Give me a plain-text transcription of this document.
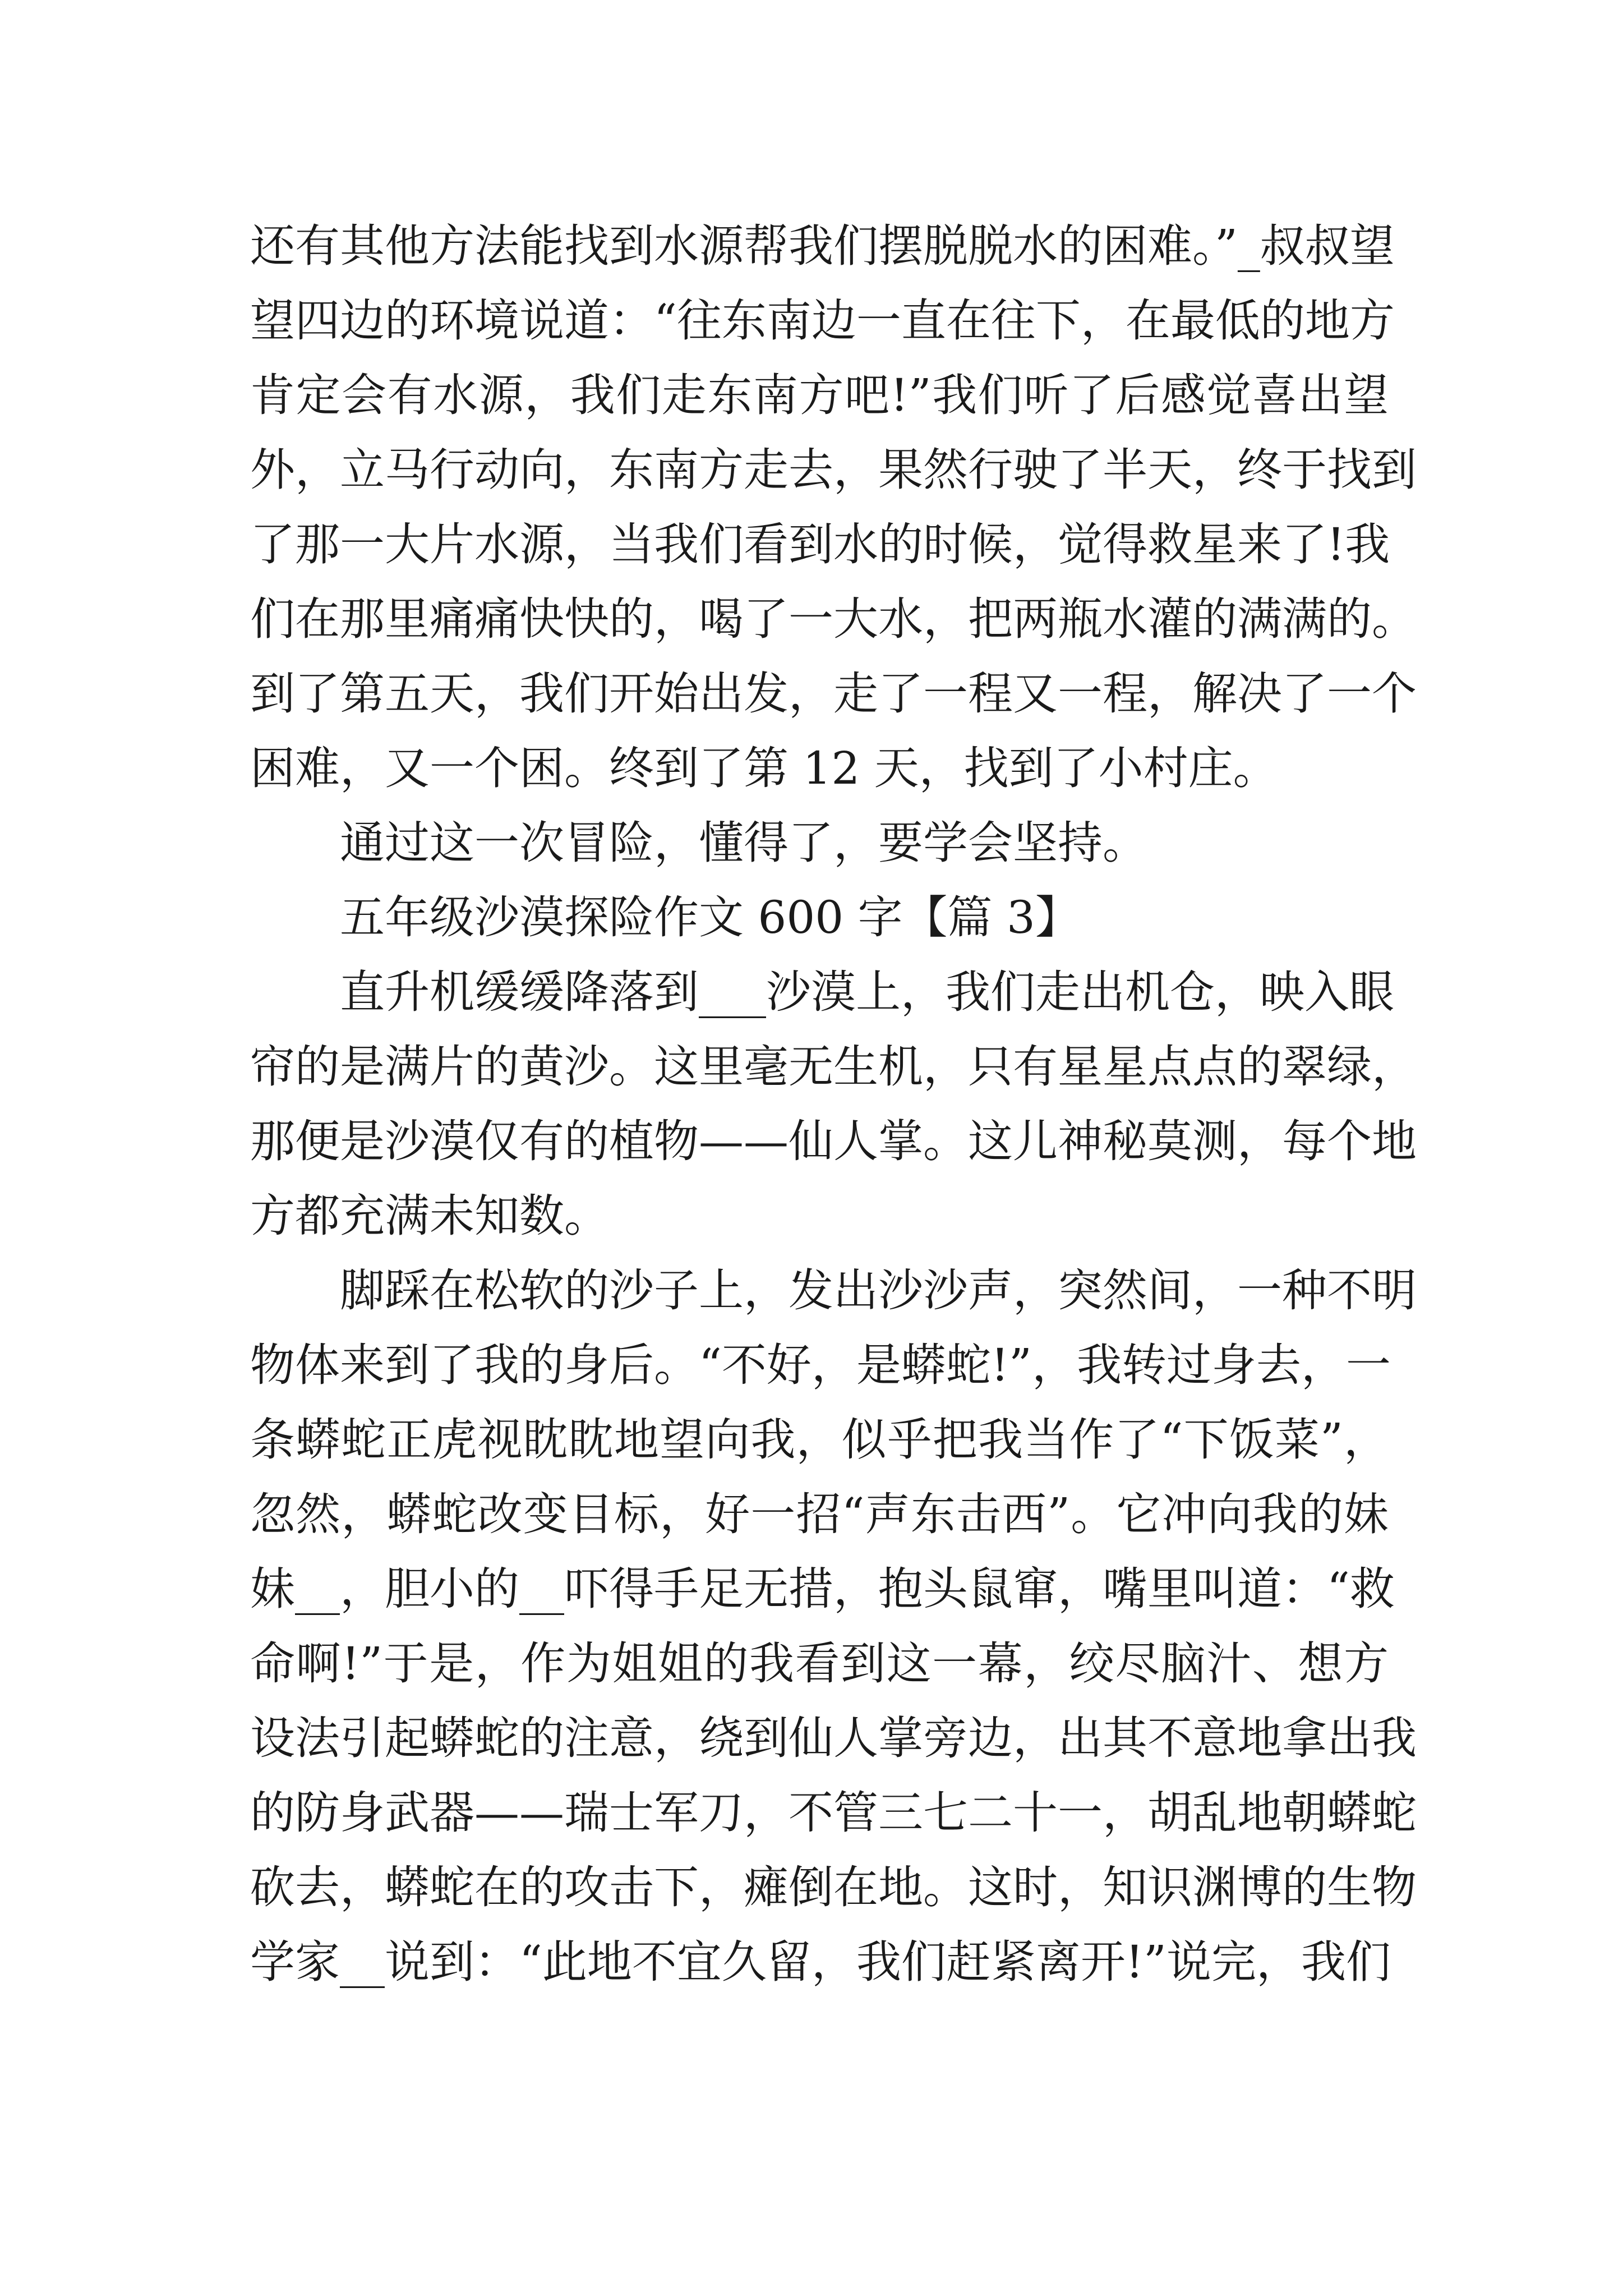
还有其他方法能找到水源帮我们摆脱脱水的困难。”_叔叔望
望四边的环境说道：“往东南边一直在往下，在最低的地方
肯定会有水源，我们走东南方吧!”我们听了后感觉喜出望
外，立马行动向，东南方走去，果然行驶了半天，终于找到
了那一大片水源，当我们看到水的时候，觉得救星来了!我
们在那里痛痛快快的，喝了一大水，把两瓶水灌的满满的。
到了第五天，我们开始出发，走了一程又一程，解决了一个
困难，又一个困。终到了第 12 天，找到了小村庄。
通过这一次冒险，懂得了，要学会坚持。
五年级沙漠探险作文 600 字【篇 3】
直升机缓缓降落到___沙漠上，我们走出机仓，映入眼
帘的是满片的黄沙。这里毫无生机，只有星星点点的翠绿，
那便是沙漠仅有的植物——仙人掌。这儿神秘莫测，每个地
方都充满未知数。
脚踩在松软的沙子上，发出沙沙声，突然间，一种不明
物体来到了我的身后。“不好，是蟒蛇!”，我转过身去，一
条蟒蛇正虎视眈眈地望向我，似乎把我当作了“下饭菜”，
忽然，蟒蛇改变目标，好一招“声东击西”。它冲向我的妹
妹__，胆小的__吓得手足无措，抱头鼠窜，嘴里叫道：“救
命啊!”于是，作为姐姐的我看到这一幕，绞尽脑汁、想方
设法引起蟒蛇的注意，绕到仙人掌旁边，出其不意地拿出我
的防身武器——瑞士军刀，不管三七二十一，胡乱地朝蟒蛇
砍去，蟒蛇在的攻击下，瘫倒在地。这时，知识渊博的生物
学家__说到：“此地不宜久留，我们赶紧离开!”说完，我们
